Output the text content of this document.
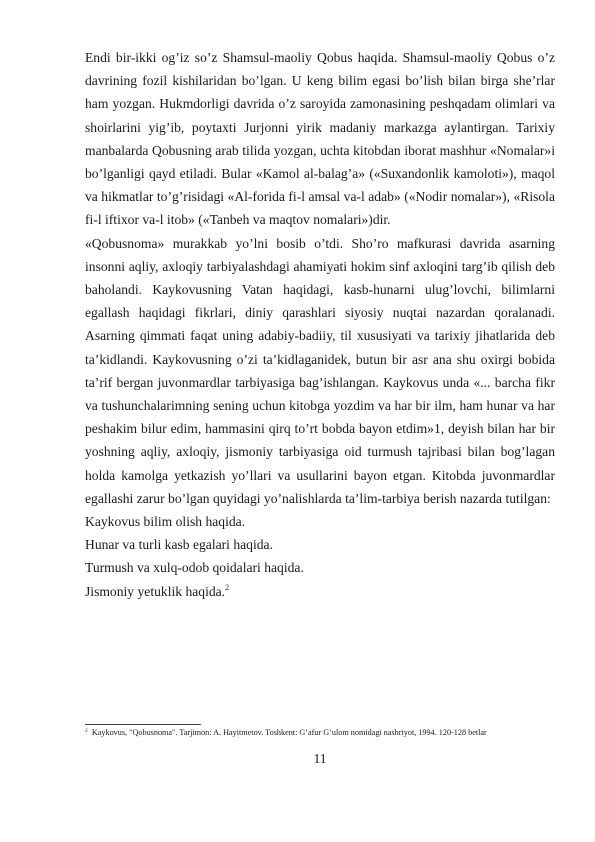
Endi bir-ikki og’iz so’z Shamsul-maoliy Qobus haqida. Shamsul-maoliy Qobus o’z davrining fozil kishilaridan bo’lgan. U keng bilim egasi bo’lish bilan birga she’rlar ham yozgan. Hukmdorligi davrida o’z saroyida zamonasining peshqadam olimlari va shoirlarini yig’ib, poytaxti Jurjonni yirik madaniy markazga aylantirgan. Tarixiy manbalarda Qobusning arab tilida yozgan, uchta kitobdan iborat mashhur «Nomalar»i bo’lganligi qayd etiladi. Bular «Kamol al-balag’a» («Suxandonlik kamoloti»), maqol va hikmatlar to’g’risidagi «Al-forida fi-l amsal va-l adab» («Nodir nomalar»), «Risola fi-l iftixor va-l itob» («Tanbeh va maqtov nomalari»)dir.

«Qobusnoma» murakkab yo’lni bosib o’tdi. Sho’ro mafkurasi davrida asarning insonni aqliy, axloqiy tarbiyalashdagi ahamiyati hokim sinf axloqini targ’ib qilish deb baholandi. Kaykovusning Vatan haqidagi, kasb-hunarni ulug’lovchi, bilimlarni egallash haqidagi fikrlari, diniy qarashlari siyosiy nuqtai nazardan qoralanadi. Asarning qimmati faqat uning adabiy-badiiy, til xususiyati va tarixiy jihatlarida deb ta’kidlandi. Kaykovusning o’zi ta’kidlaganidek, butun bir asr ana shu oxirgi bobida ta’rif bergan juvonmardlar tarbiyasiga bag’ishlangan. Kaykovus unda «... barcha fikr va tushunchalarimning sening uchun kitobga yozdim va har bir ilm, ham hunar va har peshakim bilur edim, hammasini qirq to’rt bobda bayon etdim»1, deyish bilan har bir yoshning aqliy, axloqiy, jismoniy tarbiyasiga oid turmush tajribasi bilan bog’lagan holda kamolga yetkazish yo’llari va usullarini bayon etgan. Kitobda juvonmardlar egallashi zarur bo’lgan quyidagi yo’nalishlarda ta’lim-tarbiya berish nazarda tutilgan:

Kaykovus bilim olish haqida.

Hunar va turli kasb egalari haqida.

Turmush va xulq-odob qoidalari haqida.

Jismoniy yetuklik haqida.$^2$

$^2$ Kaykovus, "Qobusnoma". Tarjimon: A. Hayitmetov. Toshkent: G’afur G’ulom nomidagi nashriyot, 1994. 120-128 betlar
11
